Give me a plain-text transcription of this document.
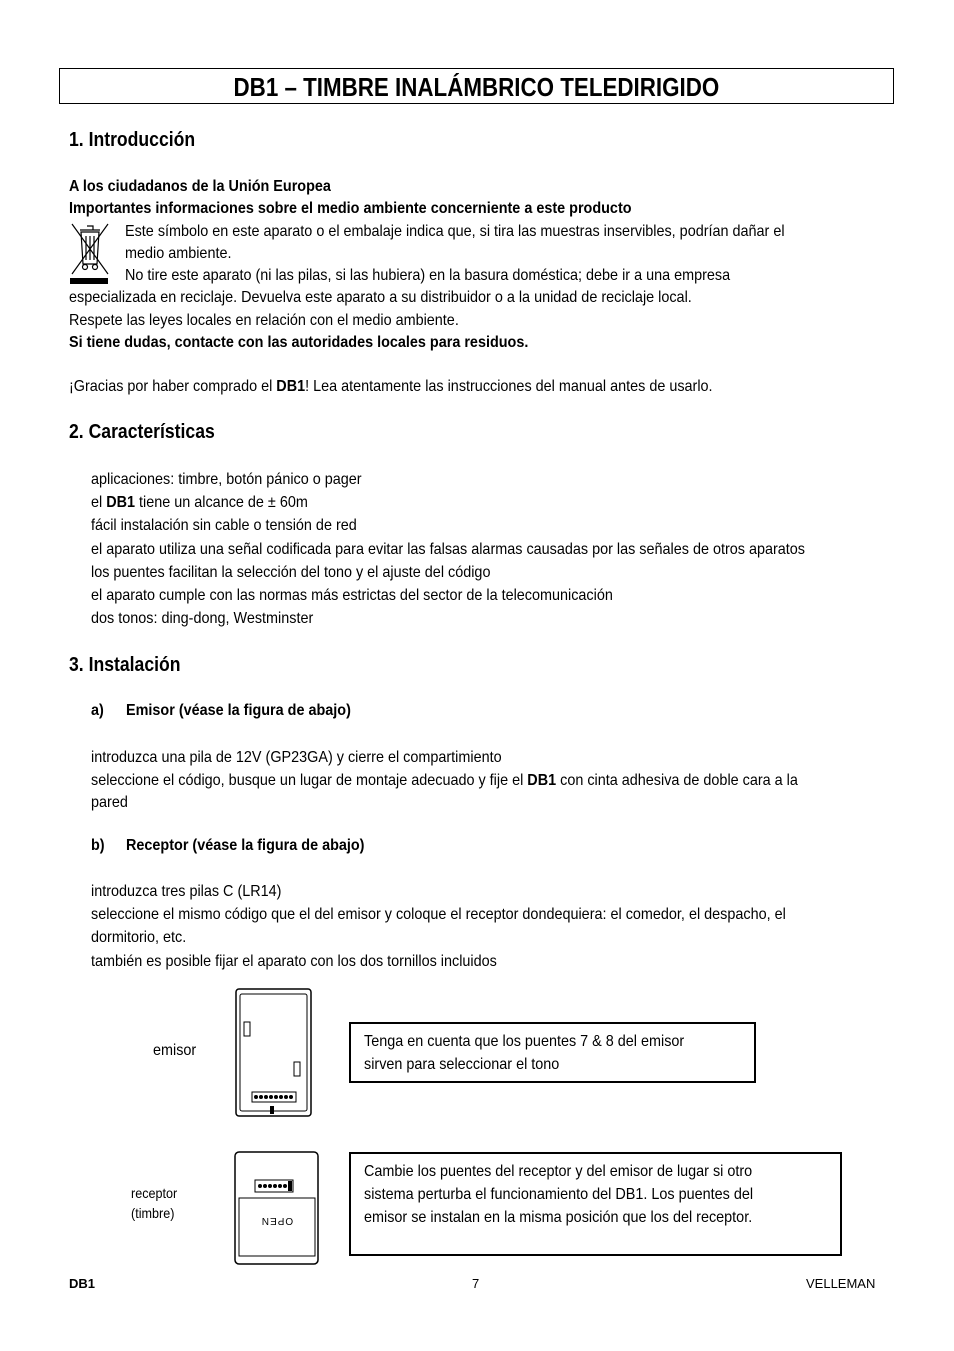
DB1 – TIMBRE INALÁMBRICO TELEDIRIGIDO
1. Introducción
A los ciudadanos de la Unión Europea
Importantes informaciones sobre el medio ambiente concerniente a este producto
Este símbolo en este aparato o el embalaje indica que, si tira las muestras inservibles, podrían dañar el
medio ambiente.
No tire este aparato (ni las pilas, si las hubiera) en la basura doméstica; debe ir a una empresa
especializada en reciclaje. Devuelva este aparato a su distribuidor o a la unidad de reciclaje local.
Respete las leyes locales en relación con el medio ambiente.
Si tiene dudas, contacte con las autoridades locales para residuos.
¡Gracias por haber comprado el DB1! Lea atentamente las instrucciones del manual antes de usarlo.
2. Características
aplicaciones: timbre, botón pánico o pager
el DB1 tiene un alcance de ± 60m
fácil instalación sin cable o tensión de red
el aparato utiliza una señal codificada para evitar las falsas alarmas causadas por las señales de otros aparatos
los puentes facilitan la selección del tono y el ajuste del código
el aparato cumple con las normas más estrictas del sector de la telecomunicación
dos tonos: ding-dong, Westminster
3. Instalación
a) Emisor (véase la figura de abajo)
introduzca una pila de 12V (GP23GA) y cierre el compartimiento
seleccione el código, busque un lugar de montaje adecuado y fije el DB1 con cinta adhesiva de doble cara a la
pared
b) Receptor (véase la figura de abajo)
introduzca tres pilas C (LR14)
seleccione el mismo código que el del emisor y coloque el receptor dondequiera: el comedor, el despacho, el
dormitorio, etc.
también es posible fijar el aparato con los dos tornillos incluidos
emisor
Tenga en cuenta que los puentes 7 & 8 del emisor
sirven para seleccionar el tono
receptor
(timbre)	OPEN
Cambie los puentes del receptor y del emisor de lugar si otro
sistema perturba el funcionamiento del DB1. Los puentes del
emisor se instalan en la misma posición que los del receptor.
DB1	7	VELLEMAN
